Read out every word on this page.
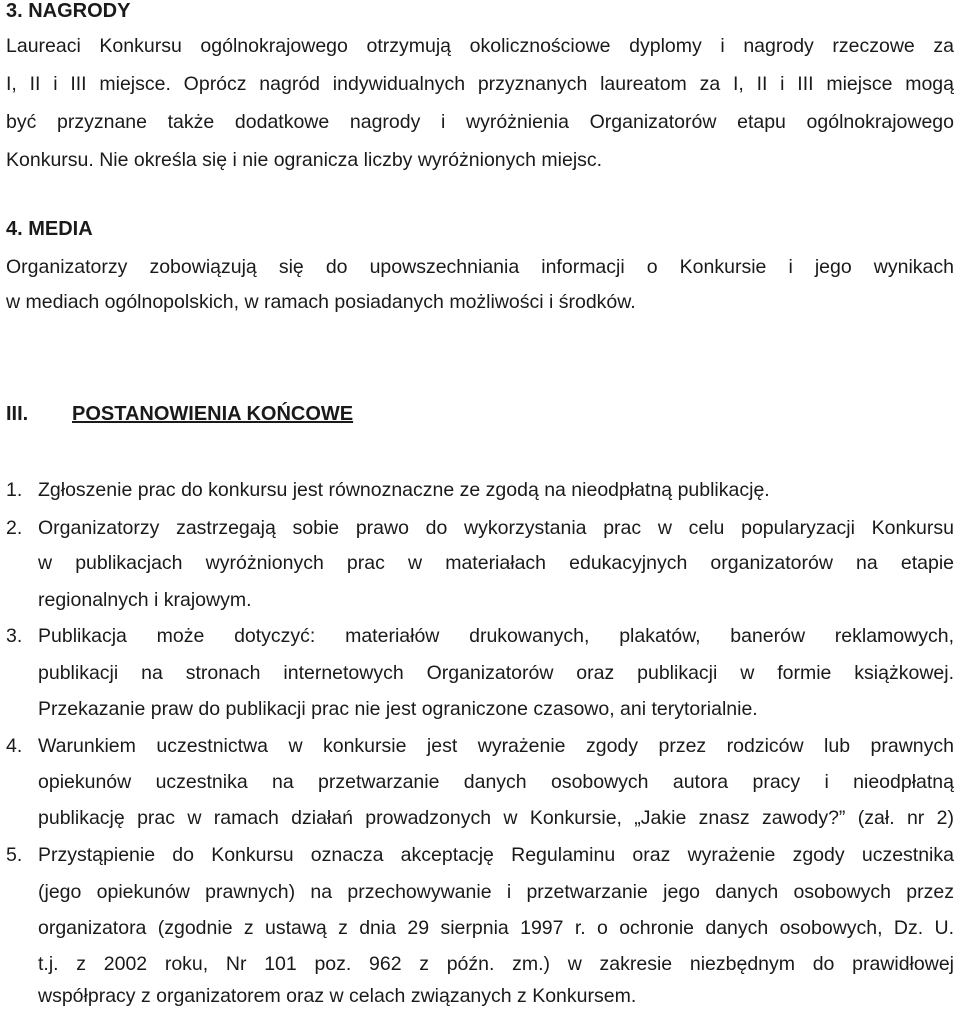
3. NAGRODY
Laureaci Konkursu ogólnokrajowego otrzymują okolicznościowe dyplomy i nagrody rzeczowe za
I, II i III miejsce. Oprócz nagród indywidualnych przyznanych laureatom za I, II i III miejsce mogą
być przyznane także dodatkowe nagrody i wyróżnienia Organizatorów etapu ogólnokrajowego
Konkursu. Nie określa się i nie ogranicza liczby wyróżnionych miejsc.
4. MEDIA
Organizatorzy zobowiązują się do upowszechniania informacji o Konkursie i jego wynikach
w mediach ogólnopolskich, w ramach posiadanych możliwości i środków.
III. POSTANOWIENIA KOŃCOWE
1. Zgłoszenie prac do konkursu jest równoznaczne ze zgodą na nieodpłatną publikację.
2. Organizatorzy zastrzegają sobie prawo do wykorzystania prac w celu popularyzacji Konkursu
w publikacjach wyróżnionych prac w materiałach edukacyjnych organizatorów na etapie
regionalnych i krajowym.
3. Publikacja może dotyczyć: materiałów drukowanych, plakatów, banerów reklamowych,
publikacji na stronach internetowych Organizatorów oraz publikacji w formie książkowej.
Przekazanie praw do publikacji prac nie jest ograniczone czasowo, ani terytorialnie.
4. Warunkiem uczestnictwa w konkursie jest wyrażenie zgody przez rodziców lub prawnych
opiekunów uczestnika na przetwarzanie danych osobowych autora pracy i nieodpłatną
publikację prac w ramach działań prowadzonych w Konkursie, „Jakie znasz zawody?” (zał. nr 2)
5. Przystąpienie do Konkursu oznacza akceptację Regulaminu oraz wyrażenie zgody uczestnika
(jego opiekunów prawnych) na przechowywanie i przetwarzanie jego danych osobowych przez
organizatora (zgodnie z ustawą z dnia 29 sierpnia 1997 r. o ochronie danych osobowych, Dz. U.
t.j. z 2002 roku, Nr 101 poz. 962 z późn. zm.) w zakresie niezbędnym do prawidłowej
współpracy z organizatorem oraz w celach związanych z Konkursem.
